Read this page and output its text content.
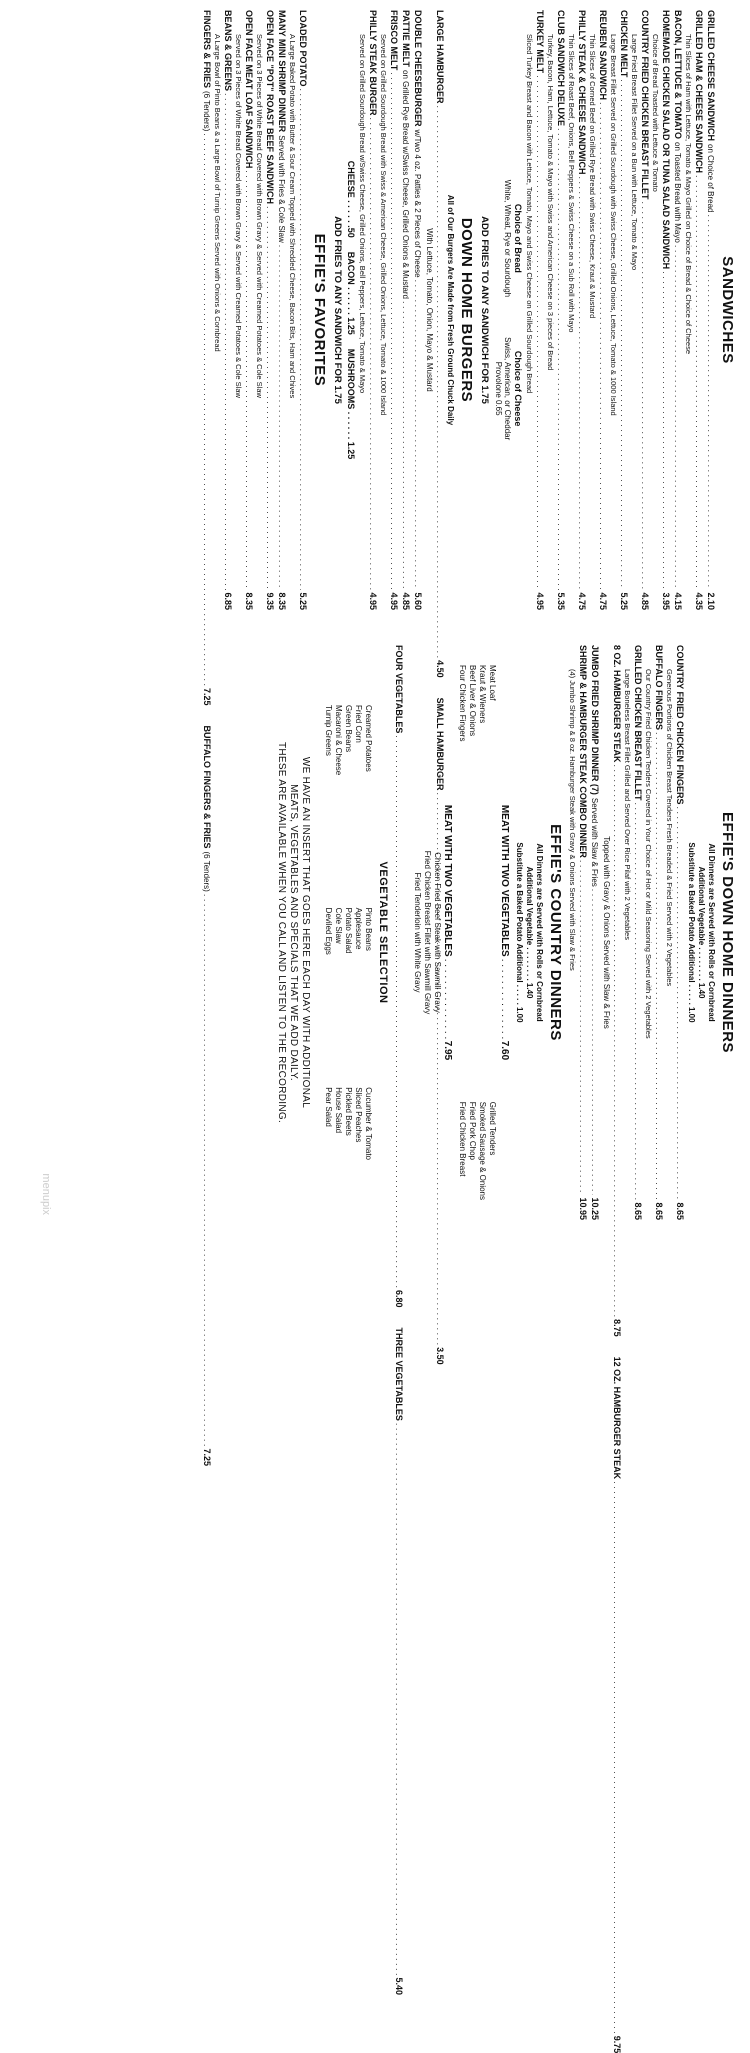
SANDWICHES
GRILLED CHEESE SANDWICH
on Choice of Bread
. . .
2.10
GRILLED HAM & CHEESE SANDWICH
. . .
4.35
Thin Slices of Ham with Lettuce, Tomato & Mayo Grilled on Choice of Bread & Choice of Cheese
BACON, LETTUCE & TOMATO
on Toasted Bread with Mayo
. . .
4.15
HOMEMADE CHICKEN SALAD OR TUNA SALAD SANDWICH
. . .
3.95
Choice of Bread Toasted with Lettuce & Tomato
COUNTRY FRIED CHICKEN BREAST FILLET
. . .
4.85
Large Fried Breast Fillet Served on a Bun with Lettuce, Tomato & Mayo
CHICKEN MELT
. . .
5.25
Large Breast Fillet Served on Grilled Sourdough with Swiss Cheese, Grilled Onions, Lettuce, Tomato & 1000 Island
REUBEN SANDWICH
. . .
4.75
Thin Slices of Corned Beef on Grilled Rye Bread with Swiss Cheese, Kraut & Mustard
PHILLY STEAK & CHEESE SANDWICH
. . .
4.75
Thin Slices of Roast Beef, Onions, Bell Peppers & Swiss Cheese on a Sub Roll with Mayo
CLUB SANDWICH DELUXE
. . .
5.35
Turkey, Bacon, Ham, Lettuce, Tomato & Mayo with Swiss and American Cheese on 3 pieces of Bread
TURKEY MELT
. . .
4.95
Sliced Turkey Breast and Bacon with Lettuce, Tomato, Mayo and Swiss Cheese on Grilled Sourdough Bread
Choice of Bread
White, Wheat, Rye or Sourdough
Choice of Cheese
Swiss, American, or Cheddar
Provolone 0.65
ADD FRIES TO ANY SANDWICH FOR 1.75
DOWN HOME BURGERS
All of Our Burgers Are Made from Fresh Ground Chuck Daily
LARGE HAMBURGER
. . .
4.50
SMALL HAMBURGER
. . .
3.50
With Lettuce, Tomato, Onion, Mayo & Mustard
DOUBLE CHEESEBURGER
w/Two 4 oz. Patties & 2 Pieces of Cheese
. . .
5.60
PATTIE MELT
on Grilled Rye Bread w/Swiss Cheese, Grilled Onions & Mustard
. . .
4.85
FRISCO MELT
. . .
4.95
Served on Grilled Sourdough Bread with Swiss & American Cheese, Grilled Onions, Lettuce, Tomato & 1000 Island
PHILLY STEAK BURGER
. . .
4.95
Served on Grilled Sourdough Bread w/Swiss Cheese, Grilled Onions, Bell Peppers, Lettuce, Tomato & Mayo
CHEESE . . . . . .50
BACON . . . . . . 1.25
MUSHROOMS . . . . . . 1.25
ADD FRIES TO ANY SANDWICH FOR 1.75
EFFIE'S FAVORITES
LOADED POTATO
. . .
5.25
A Large Baked Potato with Butter & Sour Cream Topped with Shredded Cheese, Bacon Bits, Ham and Chives
MANY MINI SHRIMP DINNER
Served with Fries & Cole Slaw
. . .
8.35
OPEN FACE "POT" ROAST BEEF SANDWICH
. . .
9.35
Served on 3 Pieces of White Bread Covered with Brown Gravy & Served with Creamed Potatoes & Cole Slaw
OPEN FACE MEAT LOAF SANDWICH
. . .
8.35
Served on 3 Pieces of White Bread Covered with Brown Gravy & Served with Creamed Potatoes & Cole Slaw
BEANS & GREENS
. . .
6.85
A Large Bowl of Pinto Beans & a Large Bowl of Turnip Greens Served with Onions & Cornbread
FINGERS & FRIES
(6 Tenders)
. . .
7.25
BUFFALO FINGERS & FRIES
(6 Tenders)
. . .
7.25
EFFIE'S DOWN HOME DINNERS
All Dinners are Served with Rolls or Cornbread
Additional Vegetable . . . . . . . . 1.40
Substitute a Baked Potato Additional . . . . . 1.00
COUNTRY FRIED CHICKEN FINGERS
. . .
8.65
Generous Portions of Chicken Breast Tenders Fresh Breaded & Fried Served with 2 Vegetables
BUFFALO FINGERS
. . .
8.65
Our Country Fried Chicken Tenders Covered in Your Choice of Hot or Mild Seasoning Served with 2 Vegetables
GRILLED CHICKEN BREAST FILLET
. . .
8.65
Large Boneless Breast Fillet Grilled and Served Over Rice Pilaf with 2 Vegetables
8 OZ. HAMBURGER STEAK
. . .
8.75
12 OZ. HAMBURGER STEAK
. . .
9.75
Topped with Gravy & Onions Served with Slaw & Fries
JUMBO FRIED SHRIMP DINNER (7)
Served with Slaw & Fries
. . .
10.25
SHRIMP & HAMBURGER STEAK COMBO DINNER
. . .
10.95
(4) Jumbo Shrimp & 8 oz. Hamburger Steak with Gravy & Onions Served with Slaw & Fries
EFFIE'S COUNTRY DINNERS
All Dinners are Served with Rolls or Cornbread
Additional Vegetable . . . . . . . . 1.40
Substitute a Baked Potato Additional . . . . . 1.00
MEAT WITH TWO VEGETABLES
. . .
7.60
Meat Loaf
Kraut & Wieners
Beef Liver & Onions
Four Chicken Fingers
Grilled Tenders
Smoked Sausage & Onions
Fried Pork Chop
Fried Chicken Breast
MEAT WITH TWO VEGETABLES
. . .
7.95
Chicken Fried Beef Steak with Sawmill Gravy
Fried Chicken Breast Fillet with Sawmill Gravy
Fried Tenderloin with White Gravy
FOUR VEGETABLES
. . .
6.80
THREE VEGETABLES
. . .
5.40
VEGETABLE SELECTION
Creamed Potatoes
Fried Corn
Green Beans
Macaroni & Cheese
Turnip Greens
Pinto Beans
Applesauce
Potato Salad
Cole Slaw
Deviled Eggs
Cucumber & Tomato
Sliced Peaches
Pickled Beets
House Salad
Pear Salad
WE HAVE AN INSERT THAT GOES HERE EACH DAY WITH ADDITIONAL
MEATS, VEGETABLES AND SPECIALS THAT WE ADD DAILY.
THESE ARE AVAILABLE WHEN YOU CALL AND LISTEN TO THE RECORDING.
menupix
